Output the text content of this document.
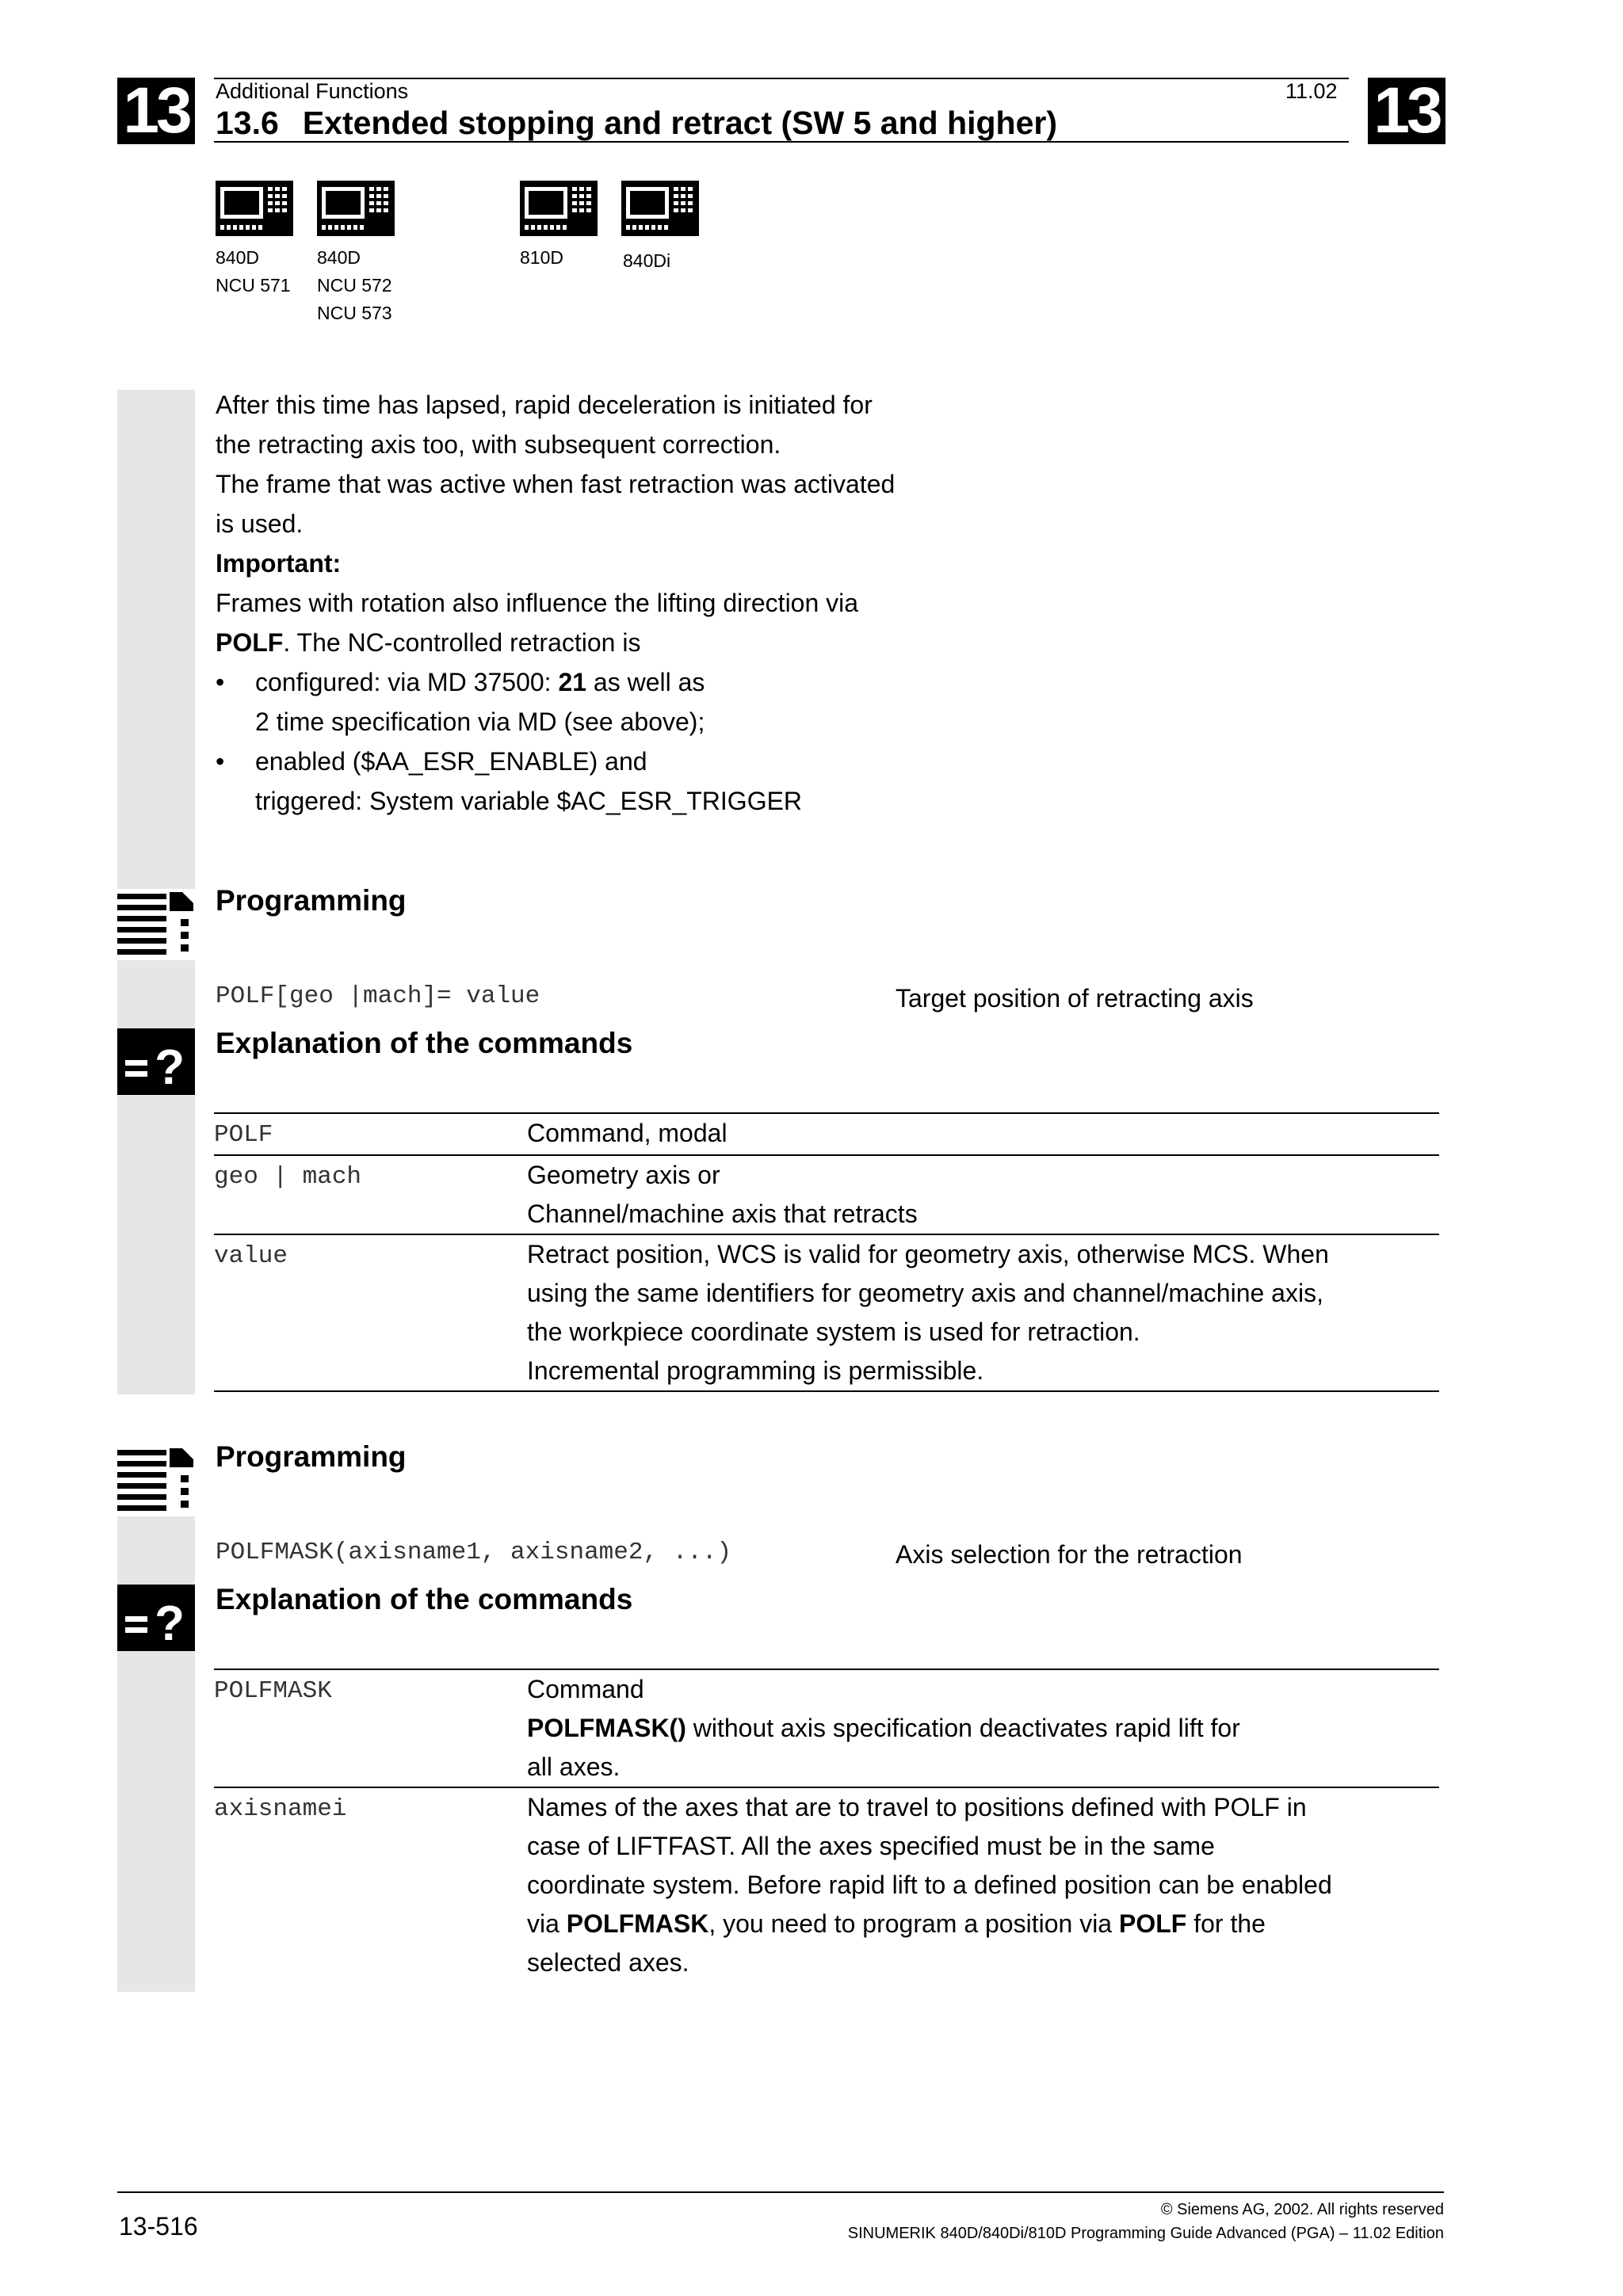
13	13
Additional Functions	11.02
13.6 Extended stopping and retract (SW 5 and higher)
840D
NCU 571
840D
NCU 572
NCU 573
810D	840Di

After this time has lapsed, rapid deceleration is initiated for the retracting axis too, with subsequent correction.

The frame that was active when fast retraction was activated is used.

Important:

Frames with rotation also influence the lifting direction via POLF. The NC-controlled retraction is

• configured: via MD 37500: 21 as well as
2 time specification via MD (see above);
• enabled ($AA_ESR_ENABLE) and
triggered: System variable $AC_ESR_TRIGGER
Programming
POLF[geo |mach]= value	Target position of retracting axis
? Explanation of the commands
POLF	Command, modal

geo | mach	Geometry axis or
Channel/machine axis that retracts

value	Retract position, WCS is valid for geometry axis, otherwise MCS. When
using the same identifiers for geometry axis and channel/machine axis,
the workpiece coordinate system is used for retraction.
Incremental programming is permissible.
Programming
POLFMASK(axisname1, axisname2, ...)	Axis selection for the retraction
? Explanation of the commands
POLFMASK	Command
POLFMASK() without axis specification deactivates rapid lift for
all axes.

axisnamei	Names of the axes that are to travel to positions defined with POLF in
case of LIFTFAST. All the axes specified must be in the same
coordinate system. Before rapid lift to a defined position can be enabled
via POLFMASK, you need to program a position via POLF for the
selected axes.
13-516
© Siemens AG, 2002. All rights reserved
SINUMERIK 840D/840Di/810D Programming Guide Advanced (PGA) – 11.02 Edition
